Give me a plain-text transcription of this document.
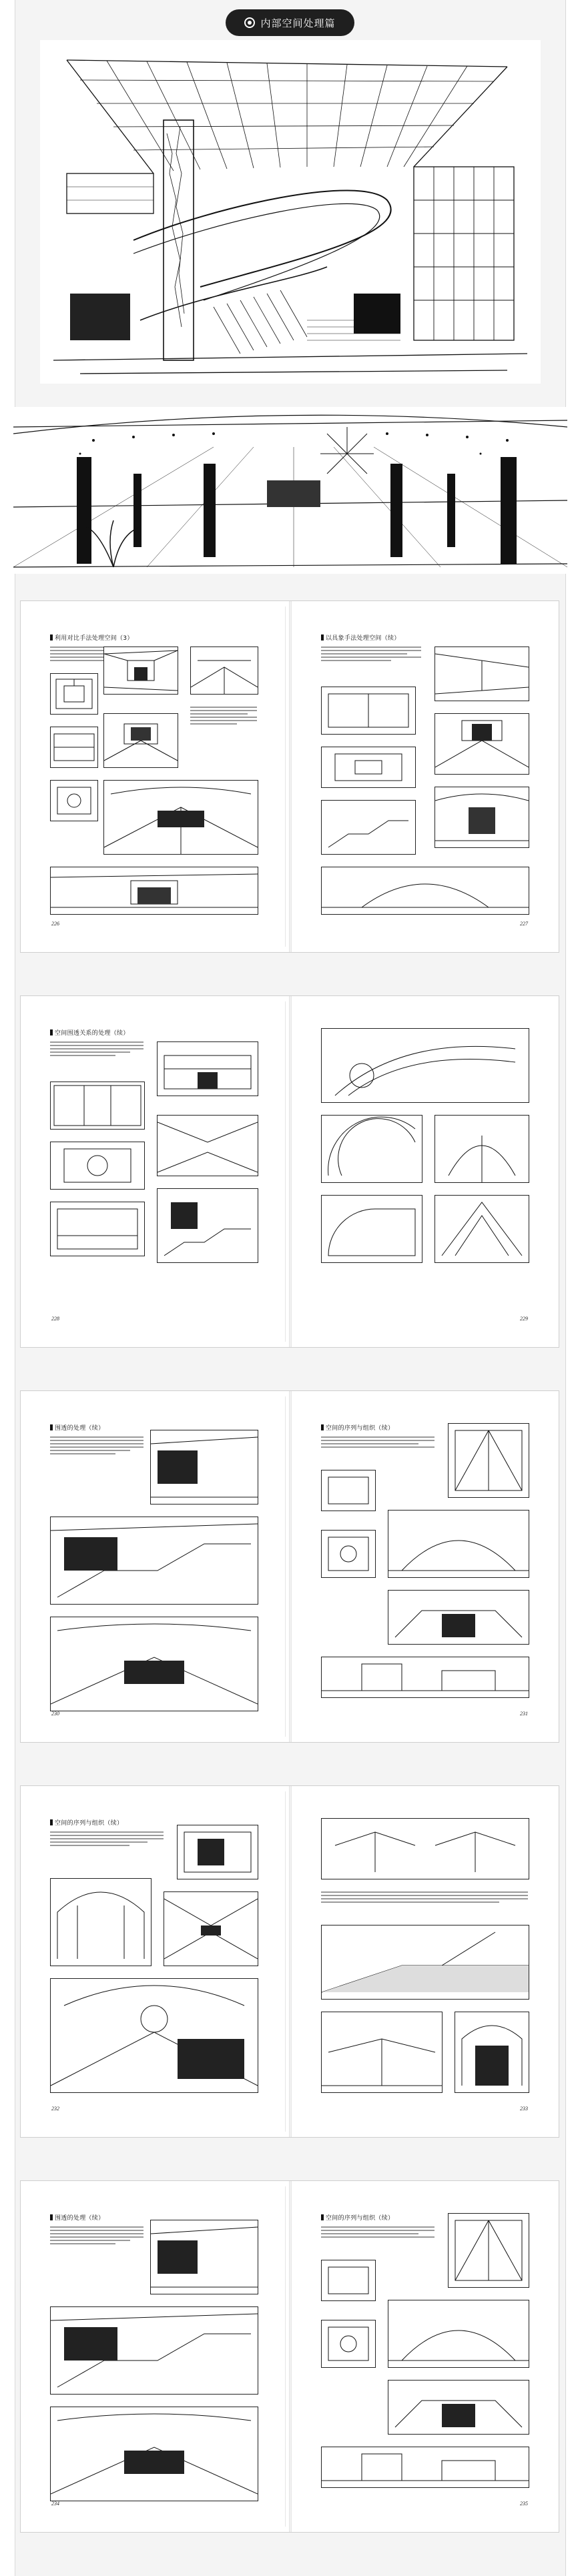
内部空间处理篇
利用对比手法处理空间（3）
226
以具象手法处理空间（续）
227
空间围透关系的处理（续）
228	229
围透的处理（续）
230
空间的序列与组织（续）
231
空间的序列与组织（续）
232	233
围透的处理（续）
234
空间的序列与组织（续）
235
